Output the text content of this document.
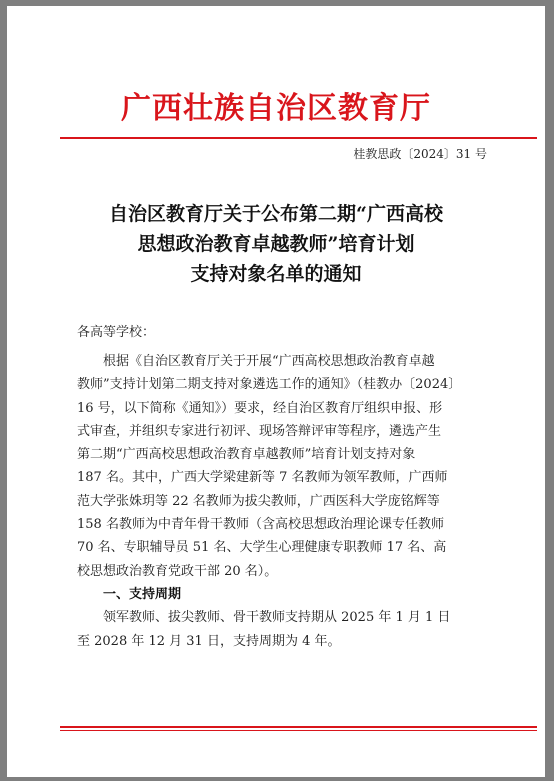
广西壮族自治区教育厅
桂教思政〔2024〕31 号
自治区教育厅关于公布第二期“广西高校
思想政治教育卓越教师”培育计划
支持对象名单的通知
各高等学校：
根据《自治区教育厅关于开展“广西高校思想政治教育卓越
教师”支持计划第二期支持对象遴选工作的通知》（桂教办〔2024〕
16 号，以下简称《通知》）要求，经自治区教育厅组织申报、形
式审查，并组织专家进行初评、现场答辩评审等程序，遴选产生
第二期“广西高校思想政治教育卓越教师”培育计划支持对象
187 名。其中，广西大学梁建新等 7 名教师为领军教师，广西师
范大学张姝玥等 22 名教师为拔尖教师，广西医科大学庞铭辉等
158 名教师为中青年骨干教师（含高校思想政治理论课专任教师
70 名、专职辅导员 51 名、大学生心理健康专职教师 17 名、高
校思想政治教育党政干部 20 名）。
一、支持周期
领军教师、拔尖教师、骨干教师支持期从 2025 年 1 月 1 日
至 2028 年 12 月 31 日，支持周期为 4 年。
